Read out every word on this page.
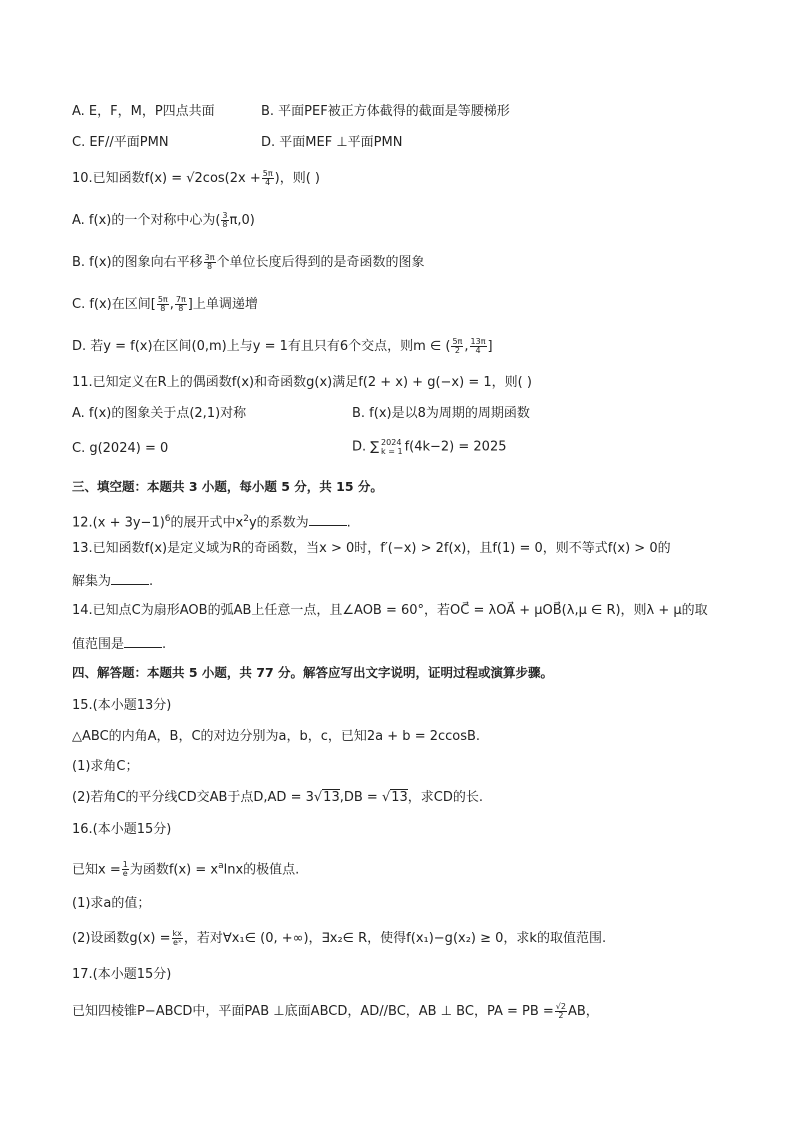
A. E，F，M，P四点共面	B. 平面PEF被正方体截得的截面是等腰梯形
C. EF//平面PMN	D. 平面MEF ⊥平面PMN
10.已知函数$f(x) = √2\cos(2x + \frac{5\pi}{4}$ )，则( )
A. f(x)的一个对称中心为( $\frac{3}{8} \pi,0$)
B. f(x)的图象向右平移 $\frac{3\pi}{8}$ 个单位长度后得到的是奇函数的图象
C. f(x)在区间[ $\frac{5\pi}{8}$ , $\frac{7\pi}{8}$ ]上单调递增
D. 若y = f(x)在区间(0,m)上与y = 1有且只有6个交点，则m ∈ ( $\frac{5\pi}{2}$ , $\frac{13\pi}{4}$ ]
11.已知定义在R上的偶函数f(x)和奇函数g(x)满足f(2 + x) + g(−x) = 1，则( )
A. f(x)的图象关于点(2,1)对称	B. f(x)是以8为周期的周期函数
C. g(2024) = 0	D. ∑ 2024
k = 1 f(4k−2) = 2025
三、填空题：本题共 3 小题，每小题 5 分，共 15 分。
$12.(x + 3y-1)^6$的展开式中$x^2y$的系数为	.
13.已知函数f(x)是定义域为R的奇函数，当x > 0时，f′(−x) > 2f(x)，且f(1) = 0，则不等式f(x) > 0的
解集为	.
14.已知点C为扇形AOB的弧AB上任意一点，且∠AOB = 60°，若OC⃗ = λOA⃗ + μOB⃗(λ,μ ∈ R)，则λ + μ的取
值范围是	.
四、解答题：本题共 5 小题，共 77 分。解答应写出文字说明，证明过程或演算步骤。
15.(本小题13分)
△ABC的内角A，B，C的对边分别为a，b，c，已知2a + b = 2ccosB.
(1)求角C；
(2)若角C的平分线CD交AB于点D,AD = 3√13,DB = √13，求CD的长.
16.(本小题15分)
已知$x = \frac{1}{e}$ 为函数$f(x) = x^a\ln x$的极值点.
(1)求a的值；
(2)设函数$g(x) = \frac{kx}{\text{eˣ}}$ ，若对∀x₁∈ (0, +∞)，∃x₂∈ R，使得f(x₁)−g(x₂) ≥ 0，求k的取值范围.
17.(本小题15分)
已知四棱锥P−ABCD中，平面PAB ⊥底面ABCD，AD//BC，AB ⊥ BC，PA = PB = $\frac{√2}{2}$ AB，
